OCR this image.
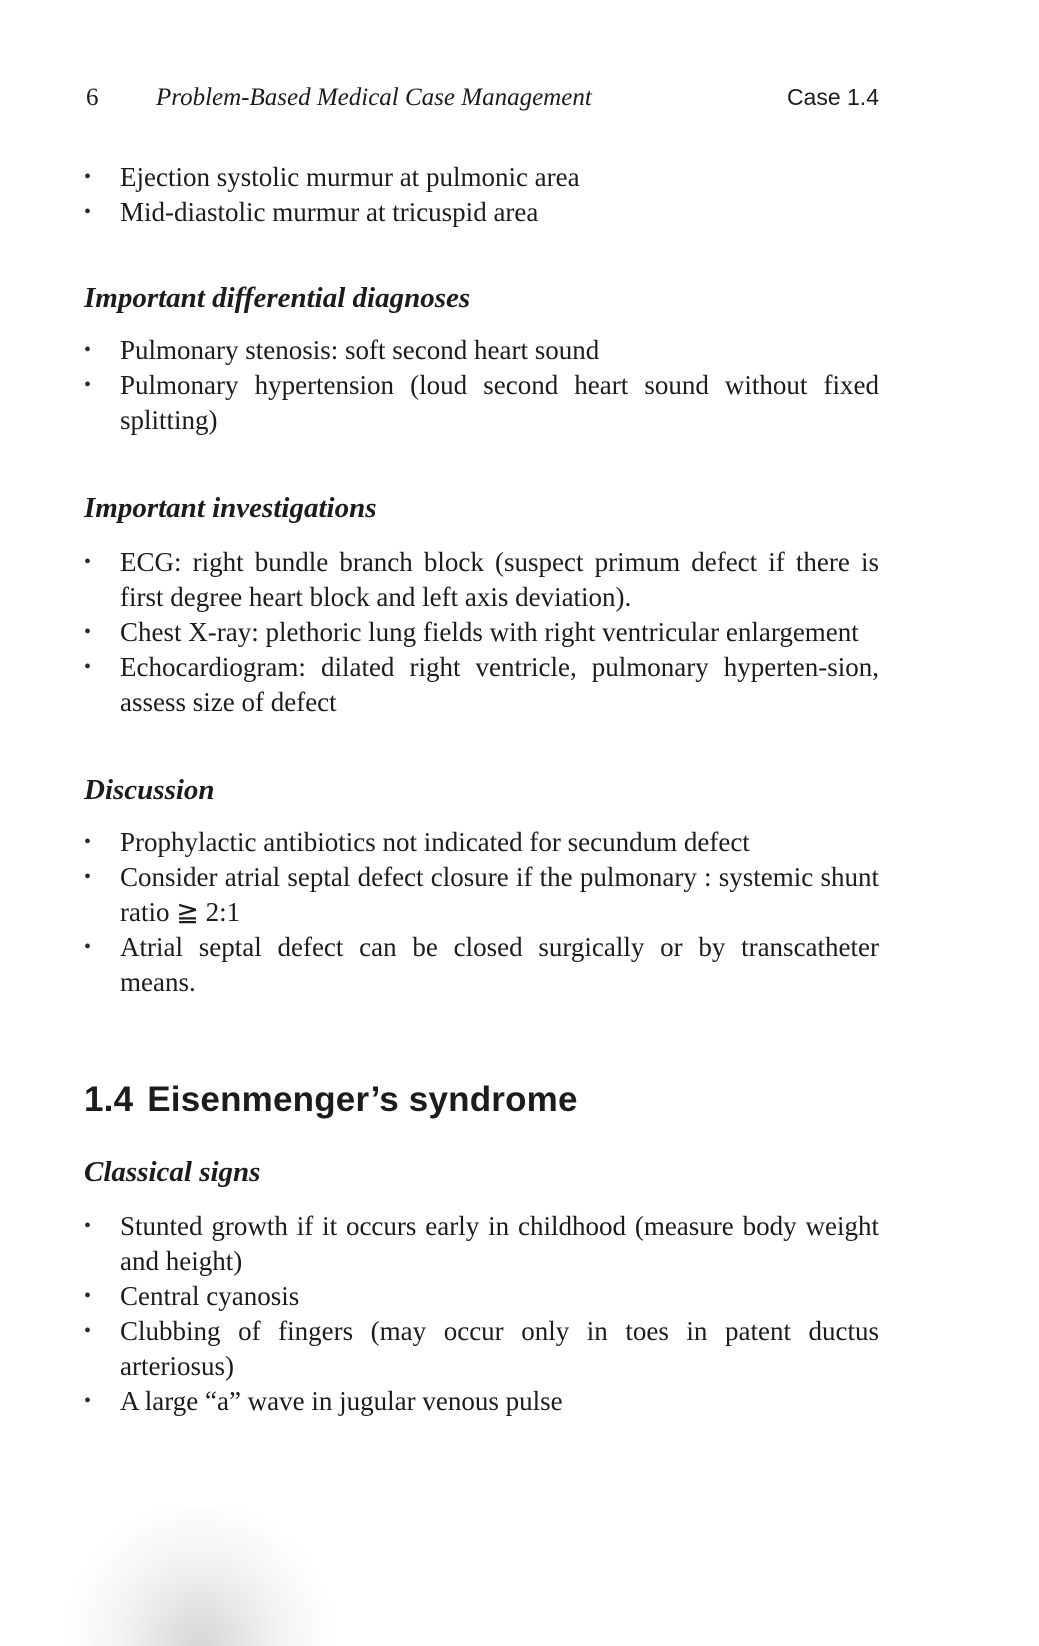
6 Problem-Based Medical Case Management	Case 1.4
• Ejection systolic murmur at pulmonic area
• Mid-diastolic murmur at tricuspid area
Important differential diagnoses
• Pulmonary stenosis: soft second heart sound
• Pulmonary hypertension (loud second heart sound without fixed splitting)
Important investigations
• ECG: right bundle branch block (suspect primum defect if there is first degree heart block and left axis deviation).
• Chest X-ray: plethoric lung fields with right ventricular enlargement
• Echocardiogram: dilated right ventricle, pulmonary hyperten-sion, assess size of defect
Discussion
• Prophylactic antibiotics not indicated for secundum defect
• Consider atrial septal defect closure if the pulmonary : systemic shunt ratio ≧ 2:1
• Atrial septal defect can be closed surgically or by transcatheter means.
1.4 Eisenmenger’s syndrome
Classical signs
• Stunted growth if it occurs early in childhood (measure body weight and height)
• Central cyanosis
• Clubbing of fingers (may occur only in toes in patent ductus arteriosus)
• A large “a” wave in jugular venous pulse
